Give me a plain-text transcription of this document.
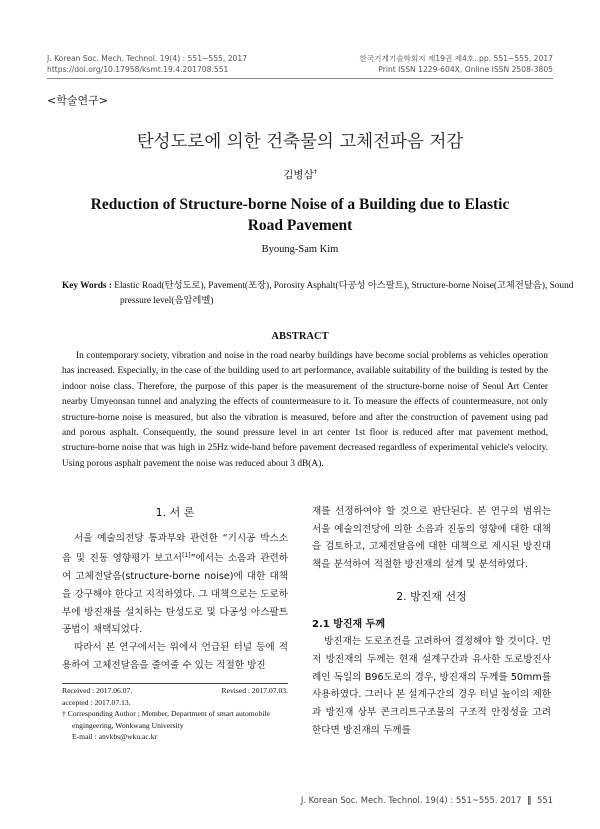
J. Korean Soc. Mech. Technol. 19(4) : 551~555, 2017
https://doi.org/10.17958/ksmt.19.4.201708.551
한국기계기술학회지 제19권 제4호. pp. 551~555, 2017
Print ISSN 1229-604X, Online ISSN 2508-3805
<학술연구>
탄성도로에 의한 건축물의 고체전파음 저감
김병삼†
Reduction of Structure-borne Noise of a Building due to Elastic Road Pavement
Byoung-Sam Kim
Key Words : Elastic Road(탄성도로), Pavement(포장), Porosity Asphalt(다공성 아스팔트), Structure-borne Noise(고체전달음), Sound pressure level(음압레벨)
ABSTRACT

In contemporary society, vibration and noise in the road nearby buildings have become social problems as vehicles operation has increased. Especially, in the case of the building used to art performance, available suitability of the building is tested by the indoor noise class. Therefore, the purpose of this paper is the measurement of the structure-borne noise of Seoul Art Center nearby Umyeonsan tunnel and analyzing the effects of countermeasure to it. To measure the effects of countermeasure, not only structure-borne noise is measured, but also the vibration is measured, before and after the construction of pavement using pad and porous asphalt. Consequently, the sound pressure level in art center 1st floor is reduced after mat pavement method, structure-borne noise that was high in 25Hz wide-band before pavement decreased regardless of experimental vehicle's velocity. Using porous asphalt pavement the noise was reduced about 3 dB(A).

1. 서 론

서울 예술의전당 통과부와 관련한 “기시공 박스소음 및 진동 영향평가 보고서[1]”에서는 소음과 관련하여 고체전달음(structure-borne noise)에 대한 대책을 강구해야 한다고 지적하였다. 그 대책으로는 도로하부에 방진재를 설치하는 탄성도로 및 다공성 아스팔트 공법이 채택되었다.

따라서 본 연구에서는 위에서 언급된 터널 등에 적용하여 고체전달음을 줄여줄 수 있는 적절한 방진

Received : 2017.06.07.	Revised : 2017.07.03.
accepted : 2017.07.13.
† Corresponding Author ; Member, Department of smart automobile engingeering, Wonkwang University
E-mail : anvkbs@wku.ac.kr

재를 선정하여야 할 것으로 판단된다. 본 연구의 범위는 서울 예술의전당에 의한 소음과 진동의 영향에 대한 대책을 검토하고, 고체전달음에 대한 대책으로 제시된 방진대책을 분석하여 적절한 방진재의 설계 및 분석하였다.

2. 방진재 선정
2.1 방진재 두께

방진재는 도로조건을 고려하여 결정해야 할 것이다. 먼저 방진재의 두께는 현재 설계구간과 유사한 도로방진사례인 독일의 B96도로의 경우, 방진재의 두께를 50mm를 사용하였다. 그러나 본 설계구간의 경우 터널 높이의 제한과 방진재 상부 콘크리트구조물의 구조적 안정성을 고려한다면 방진재의 두께를

J. Korean Soc. Mech. Technol. 19(4) : 551~555. 2017 ‖ 551
